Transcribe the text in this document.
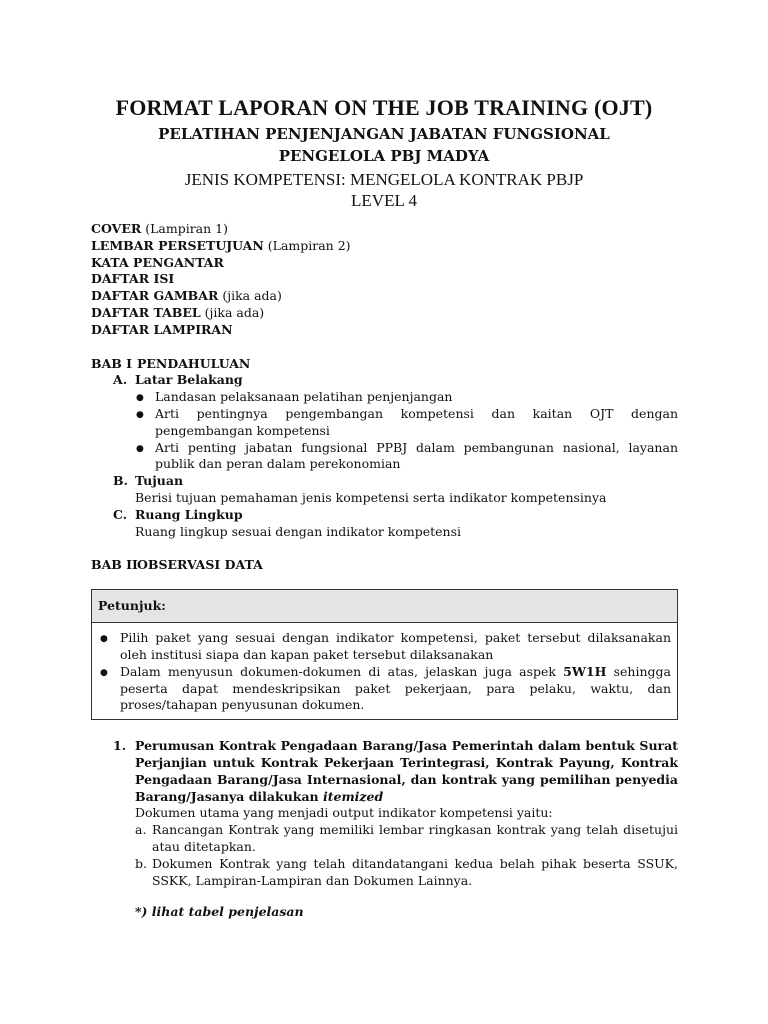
FORMAT LAPORAN ON THE JOB TRAINING (OJT)
PELATIHAN PENJENJANGAN JABATAN FUNGSIONAL
PENGELOLA PBJ MADYA
JENIS KOMPETENSI: MENGELOLA KONTRAK PBJP
LEVEL 4
COVER (Lampiran 1)
LEMBAR PERSETUJUAN (Lampiran 2)
KATA PENGANTAR
DAFTAR ISI
DAFTAR GAMBAR (jika ada)
DAFTAR TABEL (jika ada)
DAFTAR LAMPIRAN
BAB I PENDAHULUAN
A. Latar Belakang
● Landasan pelaksanaan pelatihan penjenjangan
● Arti pentingnya pengembangan kompetensi dan kaitan OJT dengan pengembangan kompetensi
● Arti penting jabatan fungsional PPBJ dalam pembangunan nasional, layanan publik dan peran dalam perekonomian
B. Tujuan
Berisi tujuan pemahaman jenis kompetensi serta indikator kompetensinya
C. Ruang Lingkup
Ruang lingkup sesuai dengan indikator kompetensi
BAB IIOBSERVASI DATA
Petunjuk:
● Pilih paket yang sesuai dengan indikator kompetensi, paket tersebut dilaksanakan oleh institusi siapa dan kapan paket tersebut dilaksanakan
● Dalam menyusun dokumen-dokumen di atas, jelaskan juga aspek 5W1H sehingga peserta dapat mendeskripsikan paket pekerjaan, para pelaku, waktu, dan proses/tahapan penyusunan dokumen.
1. Perumusan Kontrak Pengadaan Barang/Jasa Pemerintah dalam bentuk Surat Perjanjian untuk Kontrak Pekerjaan Terintegrasi, Kontrak Payung, Kontrak Pengadaan Barang/Jasa Internasional, dan kontrak yang pemilihan penyedia Barang/Jasanya dilakukan itemized
Dokumen utama yang menjadi output indikator kompetensi yaitu:
a. Rancangan Kontrak yang memiliki lembar ringkasan kontrak yang telah disetujui atau ditetapkan.
b. Dokumen Kontrak yang telah ditandatangani kedua belah pihak beserta SSUK, SSKK, Lampiran-Lampiran dan Dokumen Lainnya.
*) lihat tabel penjelasan
